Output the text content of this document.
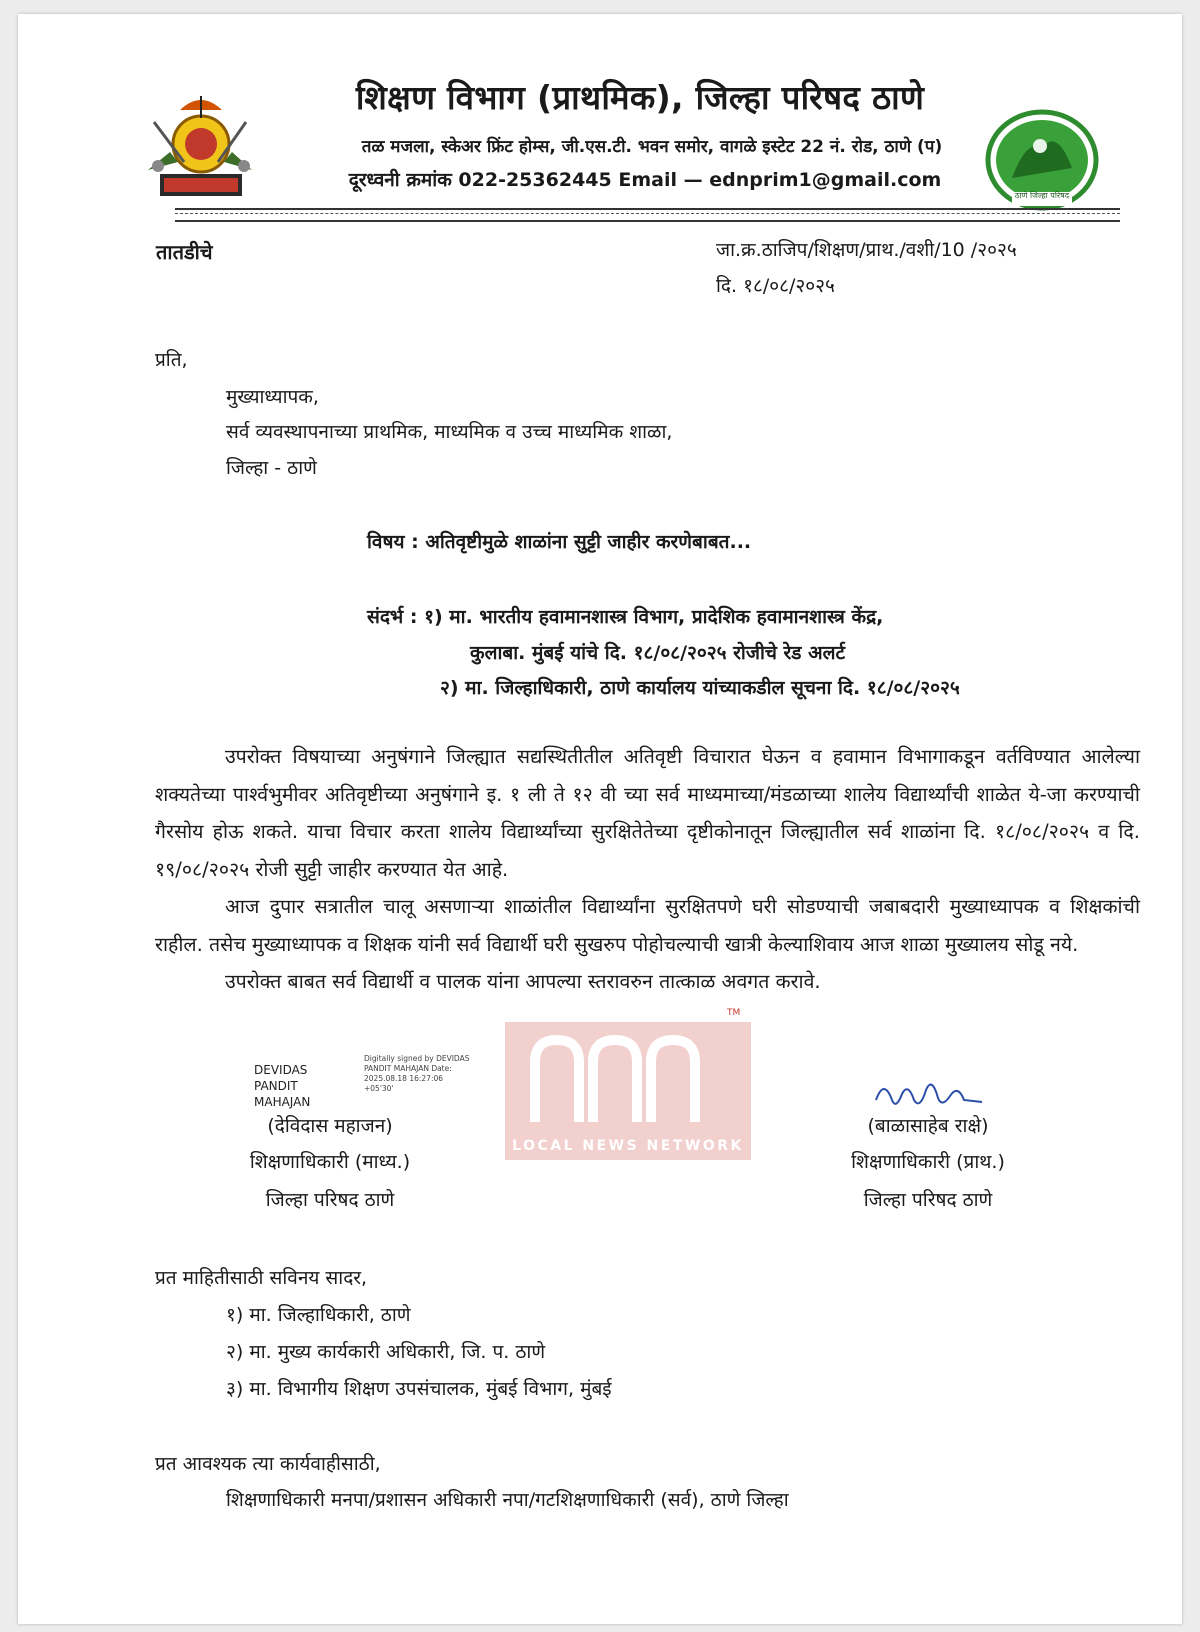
ठाणे जिल्हा परिषद
शिक्षण विभाग (प्राथमिक), जिल्हा परिषद ठाणे
तळ मजला, स्केअर फ्रिंट होम्स, जी.एस.टी. भवन समोर, वागळे इस्टेट 22 नं. रोड, ठाणे (प)
दूरध्वनी क्रमांक 022-25362445 Email — ednprim1@gmail.com
तातडीचे	जा.क्र.ठाजिप/शिक्षण/प्राथ./वशी/10 /२०२५
दि. १८/०८/२०२५
प्रति,
मुख्याध्यापक,
सर्व व्यवस्थापनाच्या प्राथमिक, माध्यमिक व उच्च माध्यमिक शाळा,
जिल्हा - ठाणे
विषय : अतिवृष्टीमुळे शाळांना सुट्टी जाहीर करणेबाबत...
संदर्भ : १) मा. भारतीय हवामानशास्त्र विभाग, प्रादेशिक हवामानशास्त्र केंद्र,
कुलाबा. मुंबई यांचे दि. १८/०८/२०२५ रोजीचे रेड अलर्ट
२) मा. जिल्हाधिकारी, ठाणे कार्यालय यांच्याकडील सूचना दि. १८/०८/२०२५

उपरोक्त विषयाच्या अनुषंगाने जिल्ह्यात सद्यस्थितीतील अतिवृष्टी विचारात घेऊन व हवामान विभागाकडून वर्तविण्यात आलेल्या शक्यतेच्या पार्श्वभुमीवर अतिवृष्टीच्या अनुषंगाने इ. १ ली ते १२ वी च्या सर्व माध्यमाच्या/मंडळाच्या शालेय विद्यार्थ्यांची शाळेत ये-जा करण्याची गैरसोय होऊ शकते. याचा विचार करता शालेय विद्यार्थ्यांच्या सुरक्षितेतेच्या दृष्टीकोनातून जिल्ह्यातील सर्व शाळांना दि. १८/०८/२०२५ व दि. १९/०८/२०२५ रोजी सुट्टी जाहीर करण्यात येत आहे.

आज दुपार सत्रातील चालू असणाऱ्या शाळांतील विद्यार्थ्यांना सुरक्षितपणे घरी सोडण्याची जबाबदारी मुख्याध्यापक व शिक्षकांची राहील. तसेच मुख्याध्यापक व शिक्षक यांनी सर्व विद्यार्थी घरी सुखरुप पोहोचल्याची खात्री केल्याशिवाय आज शाळा मुख्यालय सोडू नये.

उपरोक्त बाबत सर्व विद्यार्थी व पालक यांना आपल्या स्तरावरुन तात्काळ अवगत करावे.

DEVIDAS PANDIT MAHAJAN
Digitally signed by DEVIDAS PANDIT MAHAJAN Date: 2025.08.18 16:27:06 +05'30'
LOCAL NEWS NETWORK
TM
(देविदास महाजन)
शिक्षणाधिकारी (माध्य.)
जिल्हा परिषद ठाणे
(बाळासाहेब राक्षे)
शिक्षणाधिकारी (प्राथ.)
जिल्हा परिषद ठाणे
प्रत माहितीसाठी सविनय सादर,
१) मा. जिल्हाधिकारी, ठाणे
२) मा. मुख्य कार्यकारी अधिकारी, जि. प. ठाणे
३) मा. विभागीय शिक्षण उपसंचालक, मुंबई विभाग, मुंबई
प्रत आवश्यक त्या कार्यवाहीसाठी,
शिक्षणाधिकारी मनपा/प्रशासन अधिकारी नपा/गटशिक्षणाधिकारी (सर्व), ठाणे जिल्हा
